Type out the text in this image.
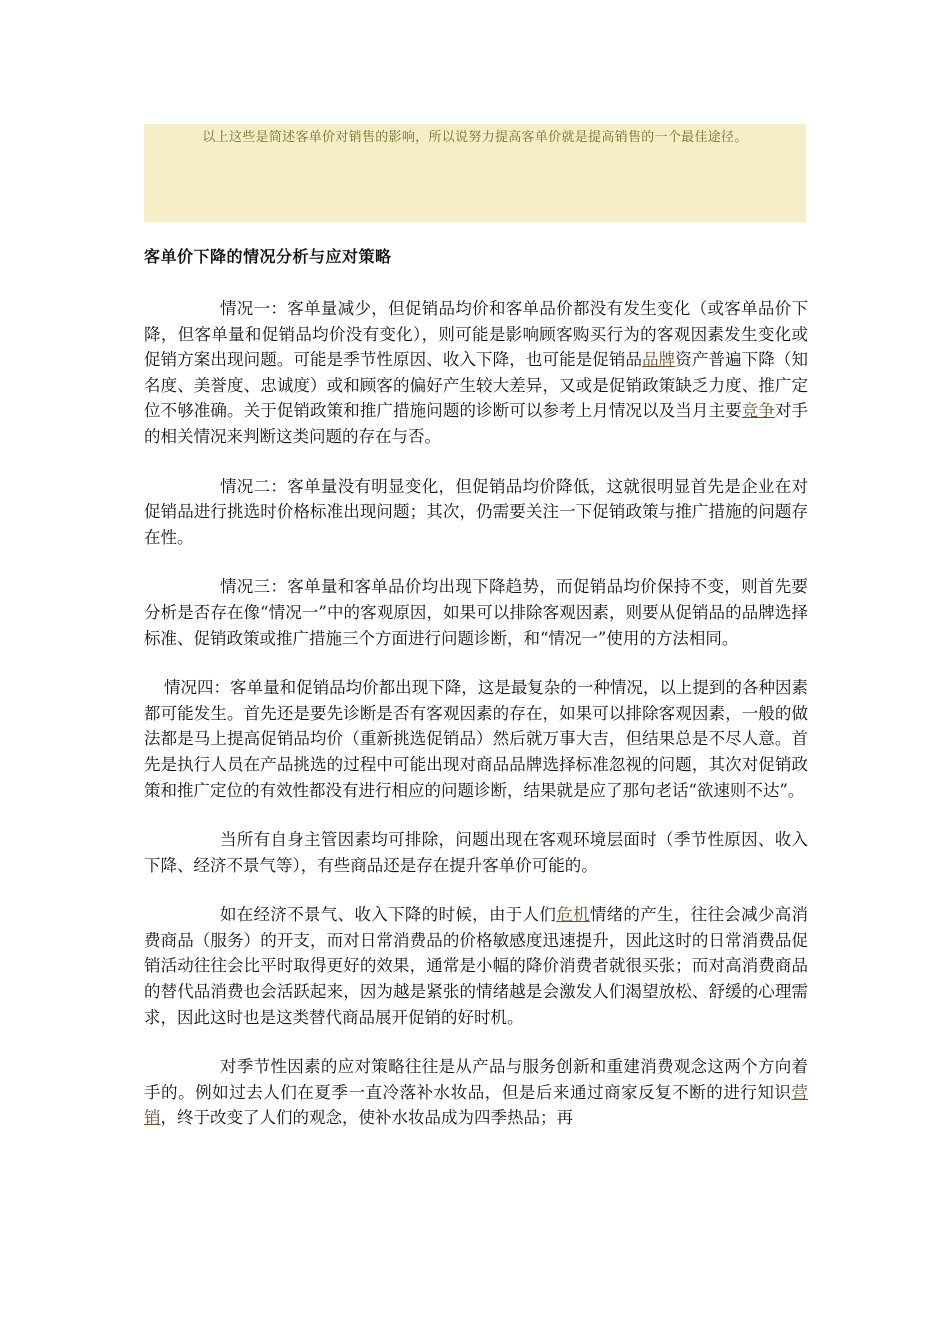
以上这些是简述客单价对销售的影响，所以说努力提高客单价就是提高销售的一个最佳途径。

客单价下降的情况分析与应对策略

情况一：客单量减少，但促销品均价和客单品价都没有发生变化（或客单品价下降，但客单量和促销品均价没有变化），则可能是影响顾客购买行为的客观因素发生变化或促销方案出现问题。可能是季节性原因、收入下降，也可能是促销品品牌资产普遍下降（知名度、美誉度、忠诚度）或和顾客的偏好产生较大差异，又或是促销政策缺乏力度、推广定位不够准确。关于促销政策和推广措施问题的诊断可以参考上月情况以及当月主要竞争对手的相关情况来判断这类问题的存在与否。

情况二：客单量没有明显变化，但促销品均价降低，这就很明显首先是企业在对促销品进行挑选时价格标准出现问题；其次，仍需要关注一下促销政策与推广措施的问题存在性。

情况三：客单量和客单品价均出现下降趋势，而促销品均价保持不变，则首先要分析是否存在像“情况一”中的客观原因，如果可以排除客观因素，则要从促销品的品牌选择标准、促销政策或推广措施三个方面进行问题诊断，和“情况一”使用的方法相同。

情况四：客单量和促销品均价都出现下降，这是最复杂的一种情况，以上提到的各种因素都可能发生。首先还是要先诊断是否有客观因素的存在，如果可以排除客观因素，一般的做法都是马上提高促销品均价（重新挑选促销品）然后就万事大吉，但结果总是不尽人意。首先是执行人员在产品挑选的过程中可能出现对商品品牌选择标准忽视的问题，其次对促销政策和推广定位的有效性都没有进行相应的问题诊断，结果就是应了那句老话“欲速则不达”。

当所有自身主管因素均可排除，问题出现在客观环境层面时（季节性原因、收入下降、经济不景气等），有些商品还是存在提升客单价可能的。

如在经济不景气、收入下降的时候，由于人们危机情绪的产生，往往会减少高消费商品（服务）的开支，而对日常消费品的价格敏感度迅速提升，因此这时的日常消费品促销活动往往会比平时取得更好的效果，通常是小幅的降价消费者就很买张；而对高消费商品的替代品消费也会活跃起来，因为越是紧张的情绪越是会激发人们渴望放松、舒缓的心理需求，因此这时也是这类替代商品展开促销的好时机。

对季节性因素的应对策略往往是从产品与服务创新和重建消费观念这两个方向着手的。例如过去人们在夏季一直冷落补水妆品，但是后来通过商家反复不断的进行知识营销，终于改变了人们的观念，使补水妆品成为四季热品；再
